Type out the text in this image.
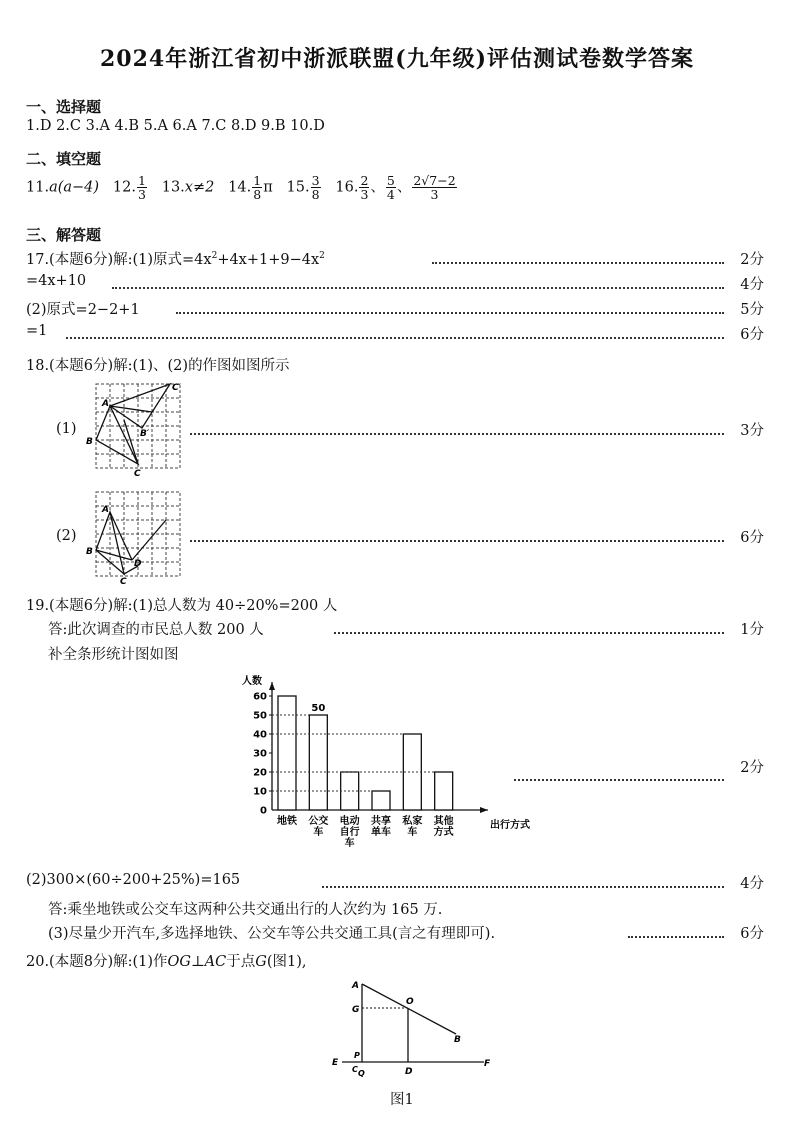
2024年浙江省初中浙派联盟(九年级)评估测试卷数学答案
一、选择题
1.D 2.C 3.A 4.B 5.A 6.A 7.C 8.D 9.B 10.D
二、填空题
11.a(a−4) 12. $\frac{1}{3} 13.x\ne 2$ 14. $\frac{1}{8}$ π 15. $\frac{3}{8} 16$. $\frac{2}{3}$ 、 $\frac{5}{4}$ 、 $\frac{2√7-2}{3}$
三、解答题
17.(本题6分)解:(1)原式$=4x^2+4x+1+9-4x^2$	2分
=4x+10	4分
(2)原式=2−2+1	5分
=1	6分
18.(本题6分)解:(1)、(2)的作图如图所示
(1)
A
B
C
C′
B′	3分
(2)
A
B
C
D
6分
19.(本题6分)解:(1)总人数为 40÷20%=200 人
答:此次调查的市民总人数 200 人	1分
补全条形统计图如图
人数
出行方式
0
10
20
30
40
50
60
地铁
50
公交
车
电动
自行
车
共享
单车
私家
车
其他
方式
2分
(2)300×(60÷200+25%)=165	4分
答:乘坐地铁或公交车这两种公共交通出行的人次约为 165 万.
(3)尽量少开汽车,多选择地铁、公交车等公共交通工具(言之有理即可).	6分
20.(本题8分)解:(1)作OG⊥AC于点G(图1),
A
G
O
B
E
P
C Q	D
F
图1
